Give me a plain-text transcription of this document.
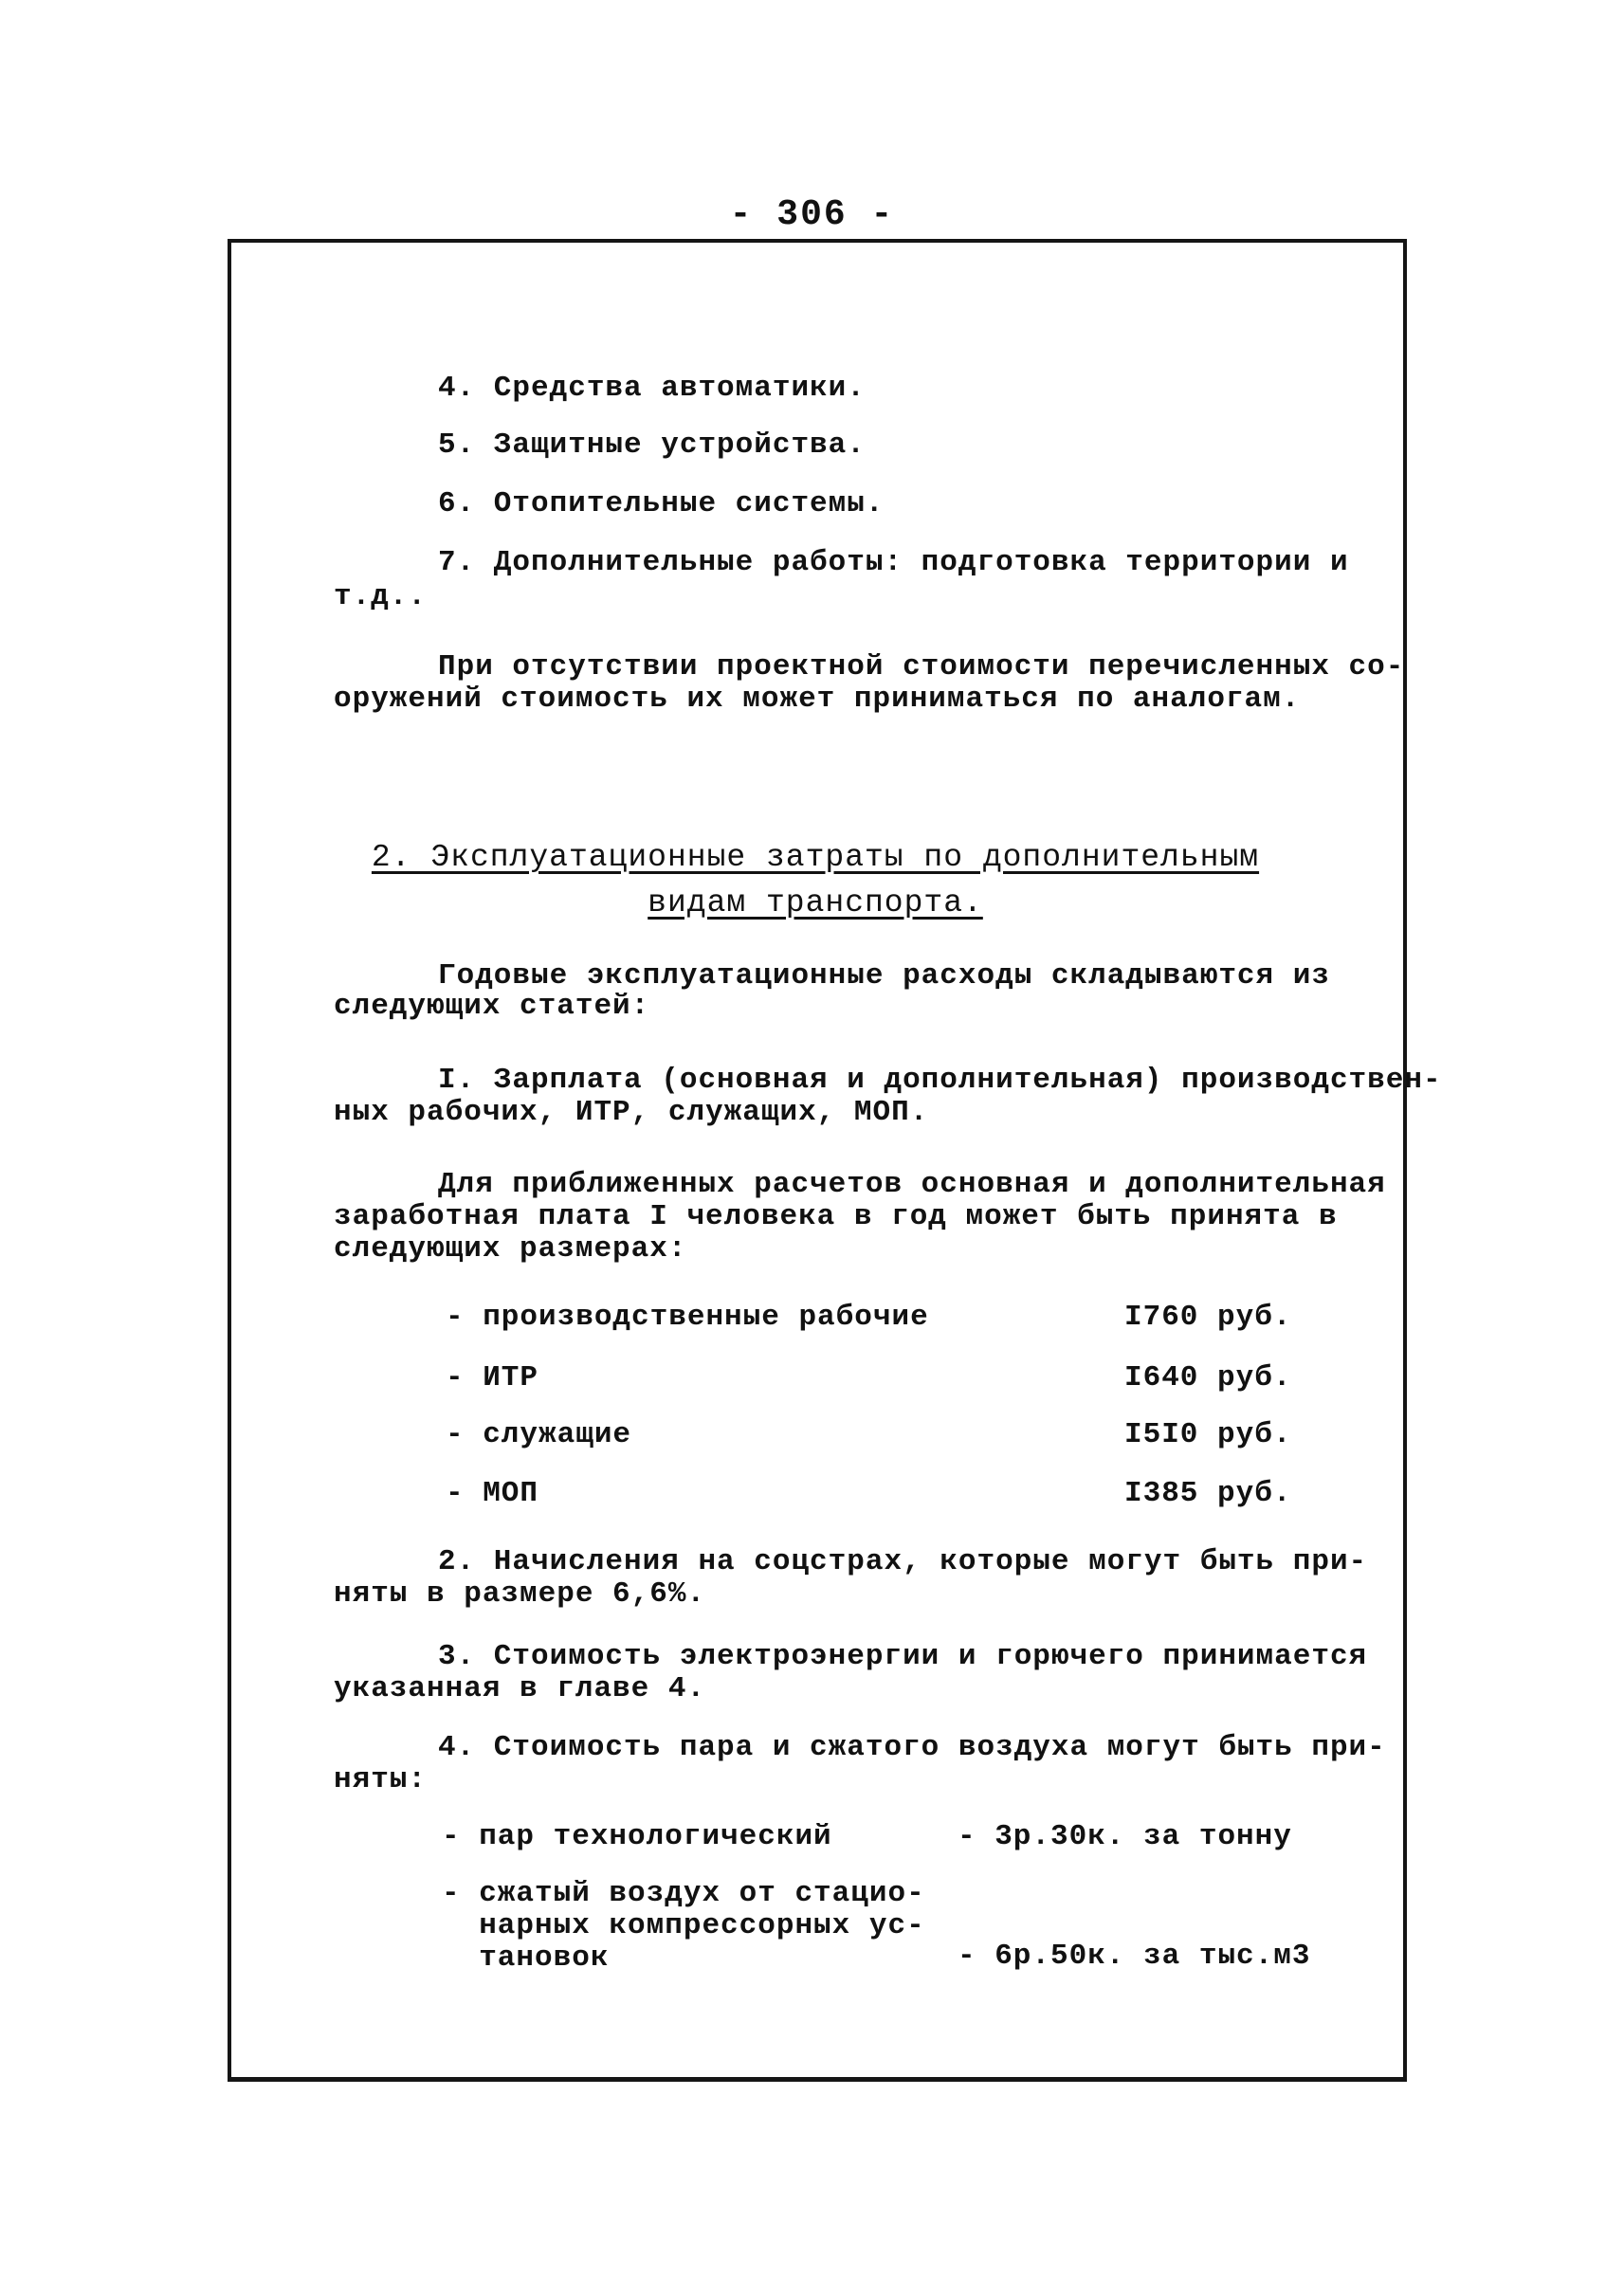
- 306 -
4. Средства автоматики.
5. Защитные устройства.
6. Отопительные системы.
7. Дополнительные работы: подготовка территории и
т.д..
При отсутствии проектной стоимости перечисленных со-
оружений стоимость их может приниматься по аналогам.
2. Эксплуатационные затраты по дополнительным
видам транспорта.
Годовые эксплуатационные расходы складываются из
следующих статей:
I. Зарплата (основная и дополнительная) производствен-
ных рабочих, ИТР, служащих, МОП.
Для приближенных расчетов основная и дополнительная
заработная плата I человека в год может быть принята в
следующих размерах:
- производственные рабочие	I760 руб.
- ИТР	I640 руб.
- служащие	I5I0 руб.
- МОП	I385 руб.
2. Начисления на соцстрах, которые могут быть при-
няты в размере 6,6%.
3. Стоимость электроэнергии и горючего принимается
указанная в главе 4.
4. Стоимость пара и сжатого воздуха могут быть при-
няты:
- пар технологический	- 3р.30к. за тонну
- сжатый воздух от стацио-
нарных компрессорных ус-
тановок	- 6р.50к. за тыс.м3
